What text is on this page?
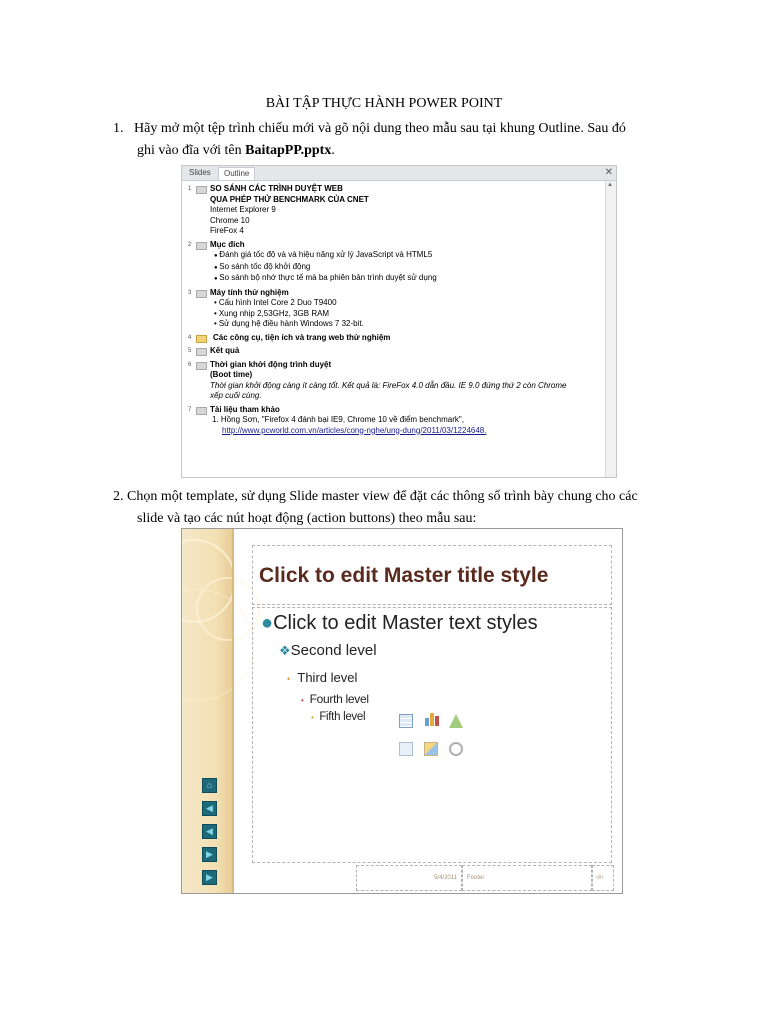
BÀI TẬP THỰC HÀNH POWER POINT
1. Hãy mở một tệp trình chiếu mới và gõ nội dung theo mẫu sau tại khung Outline. Sau đó
ghi vào đĩa với tên BaitapPP.pptx.
Slides	Outline	✕
▲
1 SO SÁNH CÁC TRÌNH DUYỆT WEB
QUA PHÉP THỬ BENCHMARK CỦA CNET
Internet Explorer 9
Chrome 10
FireFox 4
2 Mục đích
● Đánh giá tốc độ và và hiệu năng xử lý JavaScript và HTML5
● So sánh tốc độ khởi động
● So sánh bộ nhớ thực tế mà ba phiên bản trình duyệt sử dụng
3 Máy tính thử nghiệm
• Cấu hình Intel Core 2 Duo T9400
• Xung nhịp 2,53GHz, 3GB RAM
• Sử dụng hệ điều hành Windows 7 32-bit.
4	Các công cụ, tiện ích và trang web thử nghiệm
5 Kết quả
6 Thời gian khởi động trình duyệt
(Boot time)
Thời gian khởi động càng ít càng tốt. Kết quả là: FireFox 4.0 dẫn đầu. IE 9.0 đứng thứ 2 còn Chrome
xếp cuối cùng.
7 Tài liệu tham khảo
1. Hồng Sơn, "Firefox 4 đánh bại IE9, Chrome 10 về điểm benchmark",
http://www.pcworld.com.vn/articles/cong-nghe/ung-dung/2011/03/1224648.
2. Chọn một template, sử dụng Slide master view để đặt các thông số trình bày chung cho các
slide và tạo các nút hoạt động (action buttons) theo mẫu sau:
⌂
◀
◀
▶
▶
Click to edit Master title style
●Click to edit Master text styles
❖Second level
• Third level
• Fourth level
• Fifth level
5/4/2011 Footer	‹#›
